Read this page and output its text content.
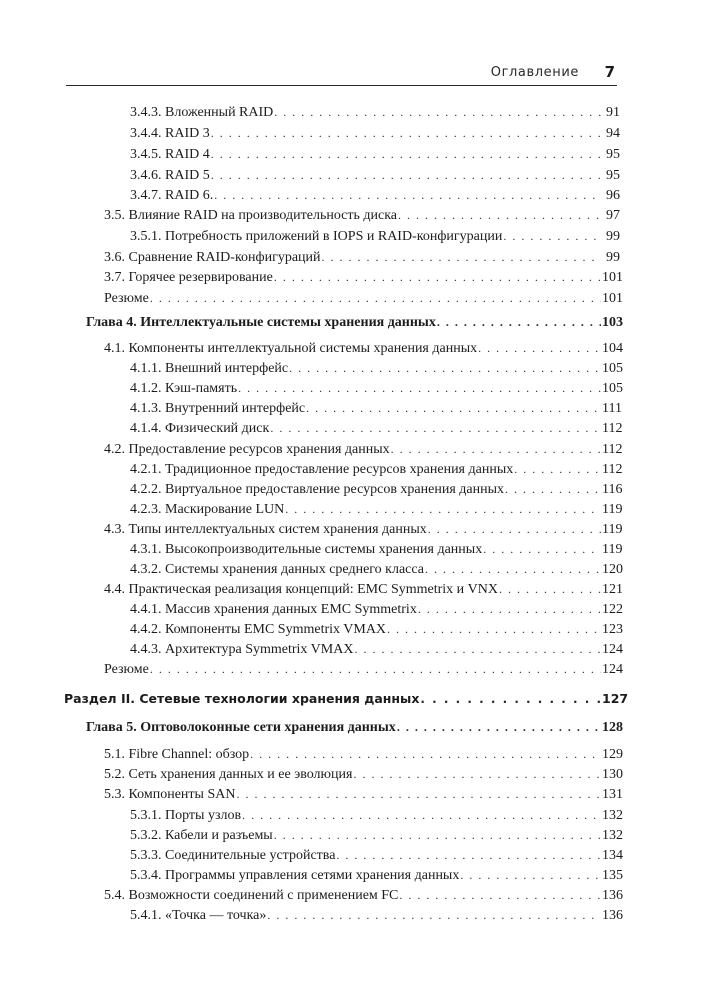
Оглавление 7
3.4.3. Вложенный RAID . . .	91
3.4.4. RAID 3 . . .	94
3.4.5. RAID 4 . . .	95
3.4.6. RAID 5 . . .	95
3.4.7. RAID 6. . . .	96
3.5. Влияние RAID на производительность диска . . .	97
3.5.1. Потребность приложений в IOPS и RAID-конфигурации . . .	99
3.6. Сравнение RAID-конфигураций . . .	99
3.7. Горячее резервирование . . .	101
Резюме . . .	101
Глава 4. Интеллектуальные системы хранения данных . . .	103
4.1. Компоненты интеллектуальной системы хранения данных . . .	104
4.1.1. Внешний интерфейс . . .	105
4.1.2. Кэш-память . . .	105
4.1.3. Внутренний интерфейс . . .	111
4.1.4. Физический диск . . .	112
4.2. Предоставление ресурсов хранения данных . . .	112
4.2.1. Традиционное предоставление ресурсов хранения данных . . .	112
4.2.2. Виртуальное предоставление ресурсов хранения данных . . .	116
4.2.3. Маскирование LUN . . .	119
4.3. Типы интеллектуальных систем хранения данных . . .	119
4.3.1. Высокопроизводительные системы хранения данных . . .	119
4.3.2. Системы хранения данных среднего класса . . .	120
4.4. Практическая реализация концепций: EMC Symmetrix и VNX . . .	121
4.4.1. Массив хранения данных EMC Symmetrix . . .	122
4.4.2. Компоненты EMC Symmetrix VMAX . . .	123
4.4.3. Архитектура Symmetrix VMAX . . .	124
Резюме . . .	124
Раздел II. Сетевые технологии хранения данных . . .	127
Глава 5. Оптоволоконные сети хранения данных . . .	128
5.1. Fibre Channel: обзор . . .	129
5.2. Сеть хранения данных и ее эволюция . . .	130
5.3. Компоненты SAN . . .	131
5.3.1. Порты узлов . . .	132
5.3.2. Кабели и разъемы . . .	132
5.3.3. Соединительные устройства . . .	134
5.3.4. Программы управления сетями хранения данных . . .	135
5.4. Возможности соединений с применением FC . . .	136
5.4.1. «Точка — точка» . . .	136
